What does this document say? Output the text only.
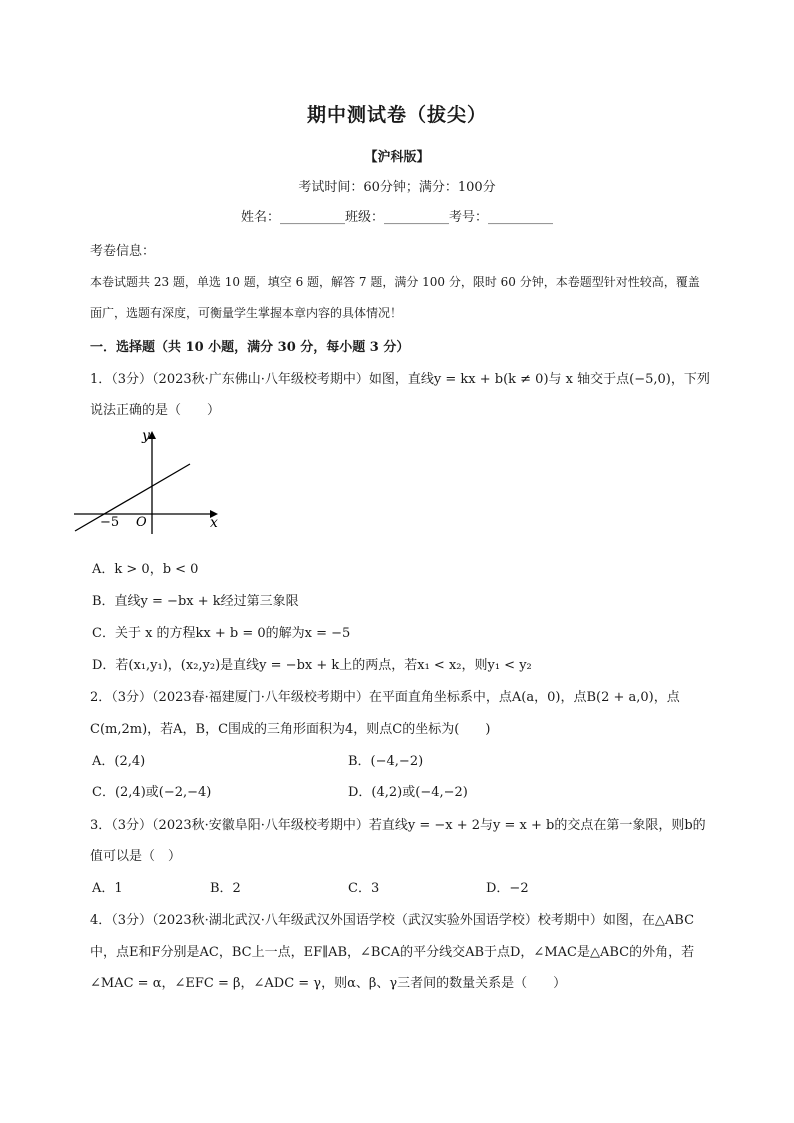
期中测试卷（拔尖）
【沪科版】
考试时间：60分钟；满分：100分
姓名：__________班级：__________考号：__________
考卷信息：
本卷试题共 23 题，单选 10 题，填空 6 题，解答 7 题，满分 100 分，限时 60 分钟，本卷题型针对性较高，覆盖
面广，选题有深度，可衡量学生掌握本章内容的具体情况！
一．选择题（共 10 小题，满分 30 分，每小题 3 分）
1．（3分）（2023秋·广东佛山·八年级校考期中）如图，直线y = kx + b(k ≠ 0)与 x 轴交于点(−5,0)，下列
说法正确的是（　　）
y
x
O
−5
A．k > 0，b < 0
B．直线y = −bx + k经过第三象限
C．关于 x 的方程kx + b = 0的解为x = −5
D．若(x₁,y₁)，(x₂,y₂)是直线y = −bx + k上的两点，若x₁ < x₂，则y₁ < y₂
2．（3分）（2023春·福建厦门·八年级校考期中）在平面直角坐标系中，点A(a，0)，点B(2 + a,0)，点
C(m,2m)，若A，B，C围成的三角形面积为4，则点C的坐标为(　　)
A．(2,4)	B．(−4,−2)
C．(2,4)或(−2,−4)	D．(4,2)或(−4,−2)
3．（3分）（2023秋·安徽阜阳·八年级校考期中）若直线y = −x + 2与y = x + b的交点在第一象限，则b的
值可以是（　）
A．1	B．2	C．3	D．−2
4．（3分）（2023秋·湖北武汉·八年级武汉外国语学校（武汉实验外国语学校）校考期中）如图，在△ABC
中，点E和F分别是AC，BC上一点，EF∥AB，∠BCA的平分线交AB于点D，∠MAC是△ABC的外角，若
∠MAC = α，∠EFC = β，∠ADC = γ，则α、β、γ三者间的数量关系是（　　）
